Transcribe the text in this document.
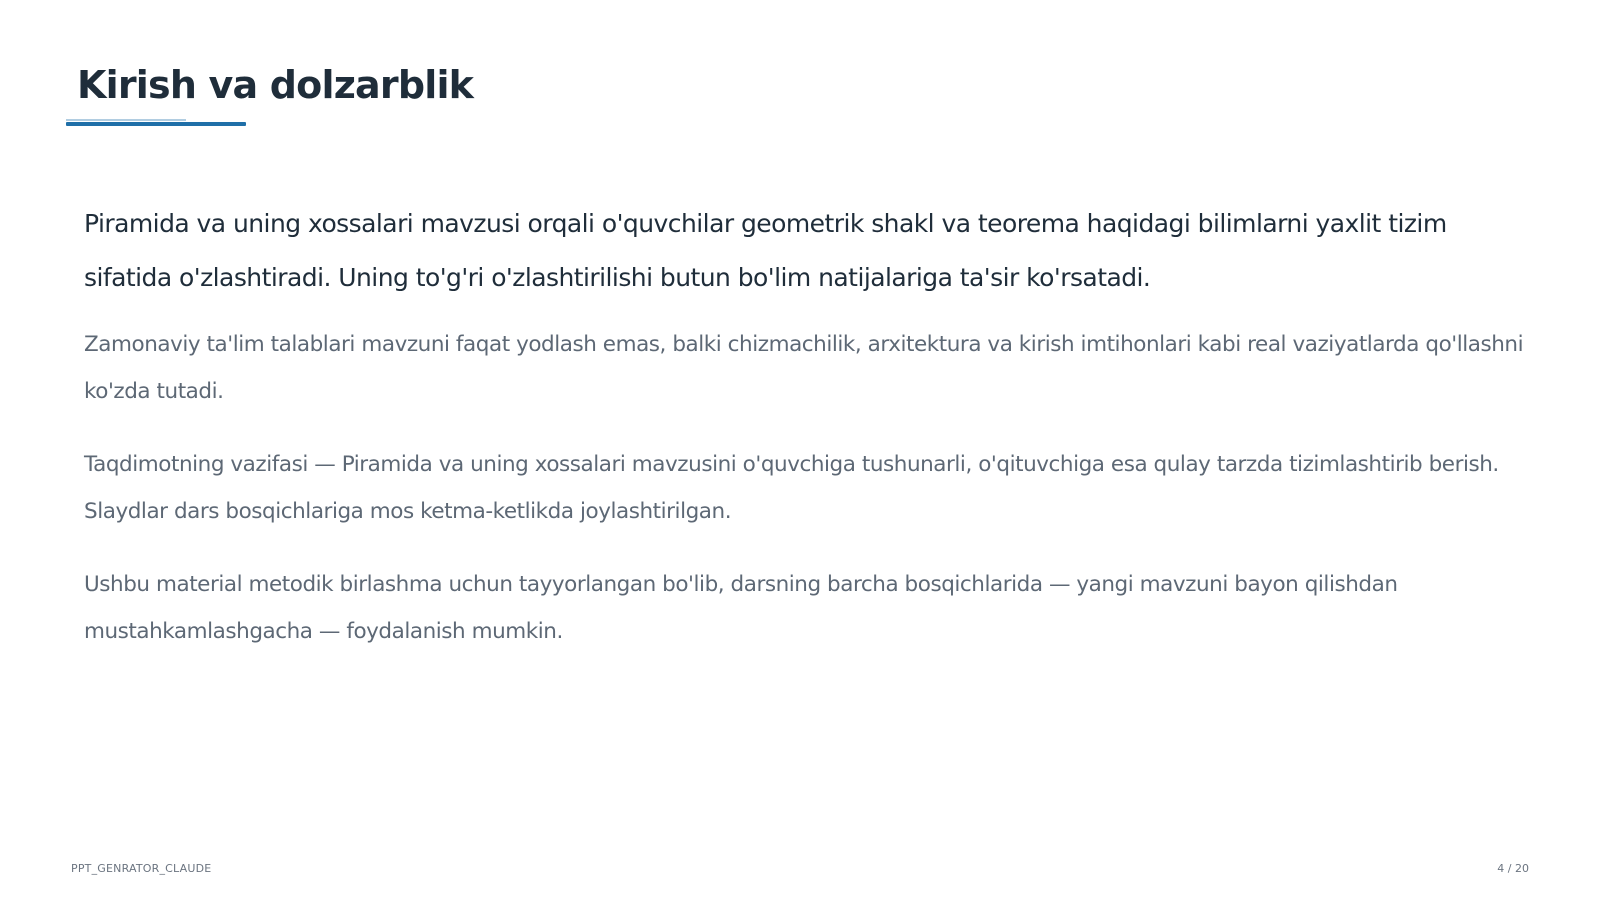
Kirish va dolzarblik

Piramida va uning xossalari mavzusi orqali o'quvchilar geometrik shakl va teorema haqidagi bilimlarni yaxlit tizim sifatida o'zlashtiradi. Uning to'g'ri o'zlashtirilishi butun bo'lim natijalariga ta'sir ko'rsatadi.

Zamonaviy ta'lim talablari mavzuni faqat yodlash emas, balki chizmachilik, arxitektura va kirish imtihonlari kabi real vaziyatlarda qo'llashni ko'zda tutadi.

Taqdimotning vazifasi — Piramida va uning xossalari mavzusini o'quvchiga tushunarli, o'qituvchiga esa qulay tarzda tizimlashtirib berish. Slaydlar dars bosqichlariga mos ketma-ketlikda joylashtirilgan.

Ushbu material metodik birlashma uchun tayyorlangan bo'lib, darsning barcha bosqichlarida — yangi mavzuni bayon qilishdan mustahkamlashgacha — foydalanish mumkin.

PPT_GENRATOR_CLAUDE	4 / 20
